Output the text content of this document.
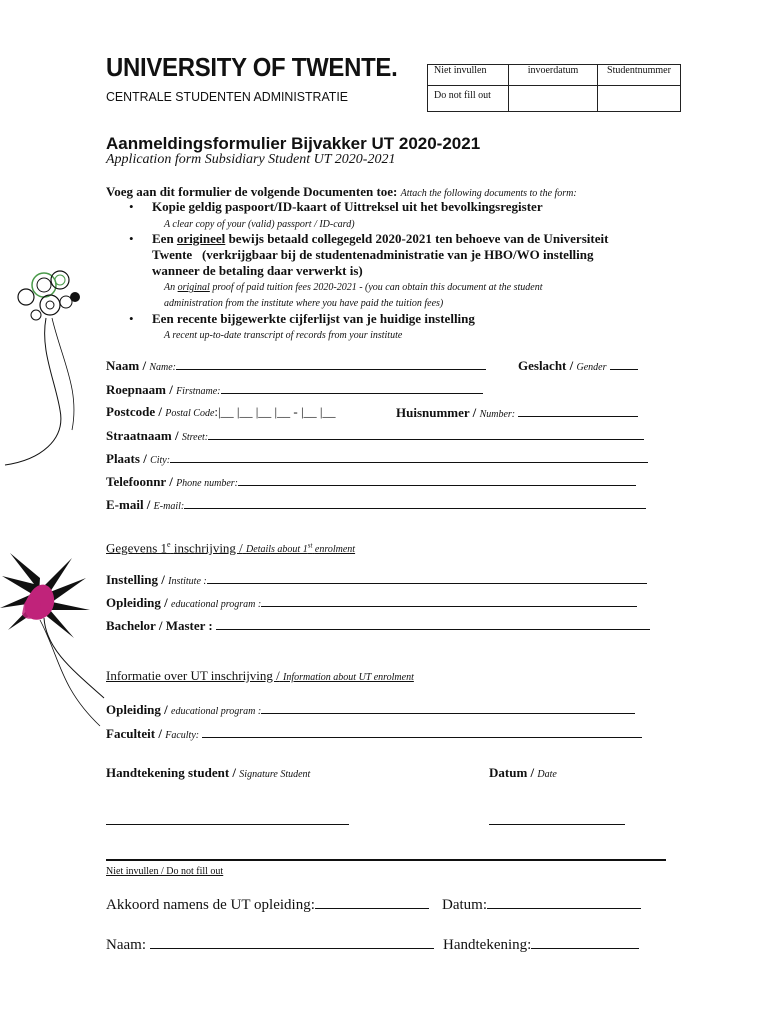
UNIVERSITY OF TWENTE.
CENTRALE STUDENTEN ADMINISTRATIE
Niet invullen	invoerdatum	Studentnummer
Do not fill out		
Aanmeldingsformulier Bijvakker UT 2020-2021
Application form Subsidiary Student UT 2020-2021
Voeg aan dit formulier de volgende Documenten toe: Attach the following documents to the form:
• Kopie geldig paspoort/ID-kaart of Uittreksel uit het bevolkingsregister
A clear copy of your (valid) passport / ID-card)
• Een origineel bewijs betaald collegegeld 2020-2021 ten behoeve van de Universiteit
Twente   (verkrijgbaar bij de studentenadministratie van je HBO/WO instelling
wanneer de betaling daar verwerkt is)
An original proof of paid tuition fees 2020-2021 - (you can obtain this document at the student
administration from the institute where you have paid the tuition fees)
• Een recente bijgewerkte cijferlijst van je huidige instelling
A recent up-to-date transcript of records from your institute
Naam / Name:	Geslacht / Gender
Roepnaam / Firstname:
Postcode / Postal Code:|__ |__ |__ |__ - |__ |__	Huisnummer / Number:
Straatnaam / Street:
Plaats / City:
Telefoonnr / Phone number:
E-mail / E-mail:
Gegevens 1e inschrijving / Details about 1st enrolment
Instelling / Institute :
Opleiding / educational program :
Bachelor / Master :
Informatie over UT inschrijving / Information about UT enrolment
Opleiding / educational program :
Faculteit / Faculty:
Handtekening student / Signature Student	Datum / Date
Niet invullen / Do not fill out
Akkoord namens de UT opleiding:	Datum:
Naam:	Handtekening:
